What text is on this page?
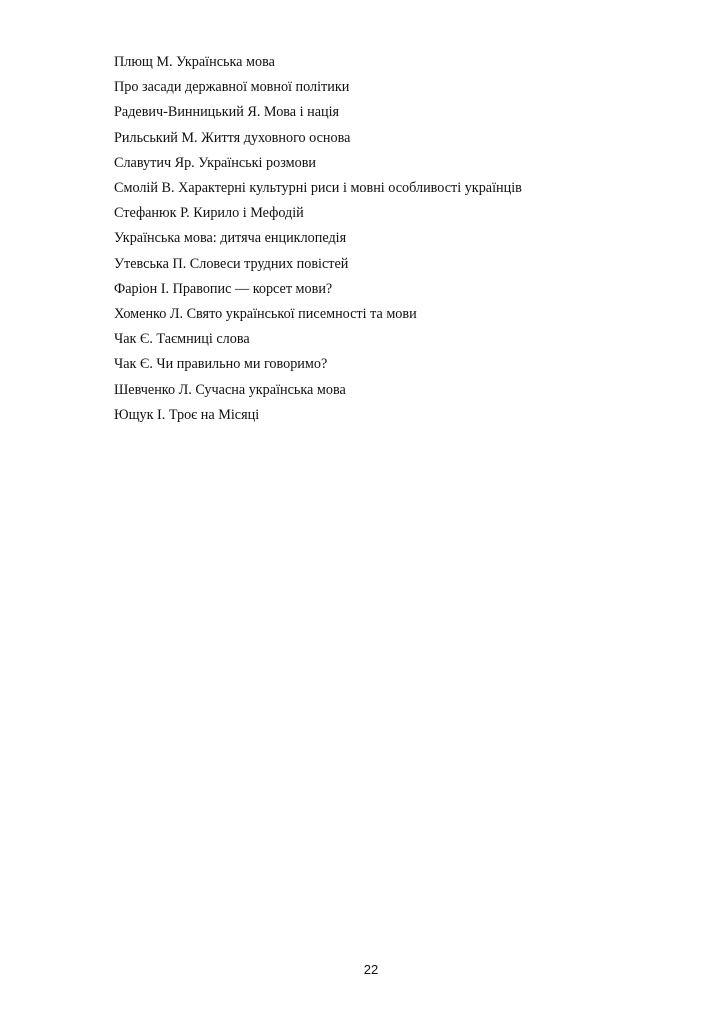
Плющ М. Українська мова
Про засади державної мовної політики
Радевич-Винницький Я. Мова і нація
Рильський М. Життя духовного основа
Славутич Яр. Українські розмови
Смолій В. Характерні культурні риси і мовні особливості українців
Стефанюк Р. Кирило і Мефодій
Українська мова: дитяча енциклопедія
Утевська П. Словеси трудних повістей
Фаріон І. Правопис — корсет мови?
Хоменко Л. Свято української писемності та мови
Чак Є. Таємниці слова
Чак Є. Чи правильно ми говоримо?
Шевченко Л. Сучасна українська мова
Ющук І. Троє на Місяці
22
